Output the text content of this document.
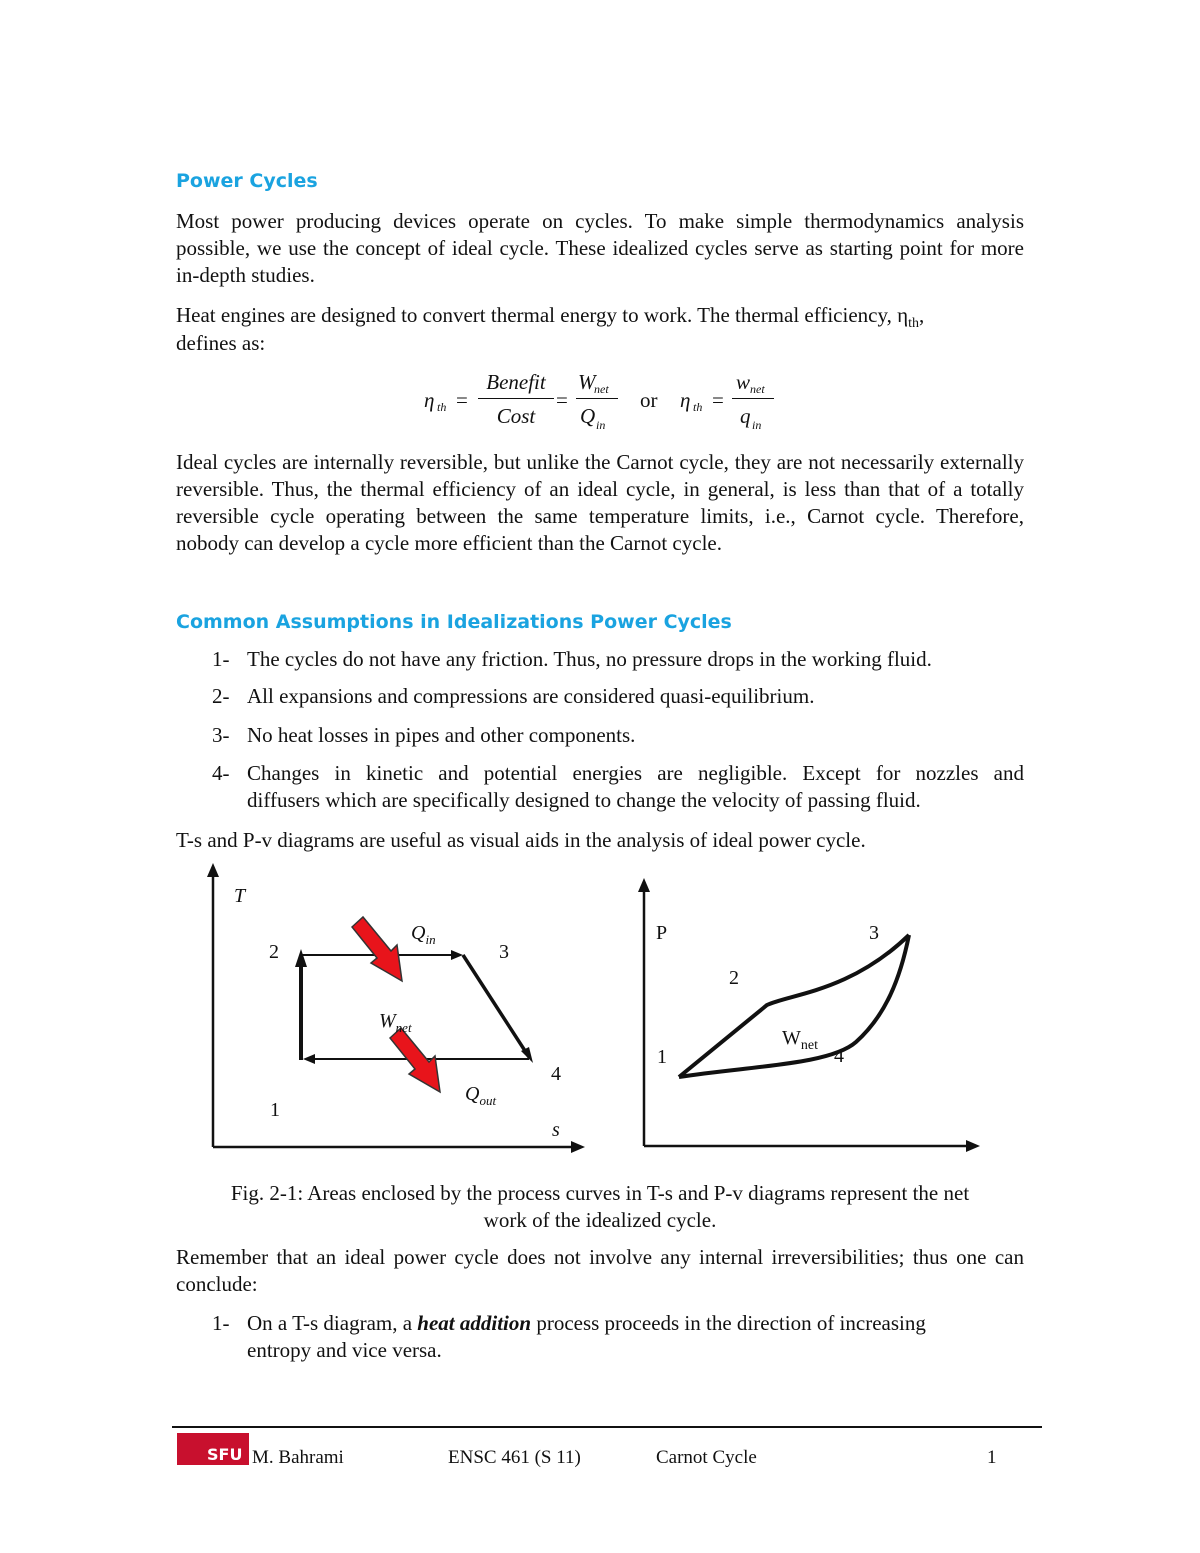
Power Cycles
Most power producing devices operate on cycles. To make simple thermodynamics analysis possible, we use the concept of ideal cycle. These idealized cycles serve as starting point for more in-depth studies.
Heat engines are designed to convert thermal energy to work. The thermal efficiency, $\eta_{th}$,
defines as:
η th =
Benefit
Cost
=
W
net
Q in
or η th =
w net
q in
Ideal cycles are internally reversible, but unlike the Carnot cycle, they are not necessarily externally reversible. Thus, the thermal efficiency of an ideal cycle, in general, is less than that of a totally reversible cycle operating between the same temperature limits, i.e., Carnot cycle. Therefore, nobody can develop a cycle more efficient than the Carnot cycle.
Common Assumptions in Idealizations Power Cycles
1- The cycles do not have any friction. Thus, no pressure drops in the working fluid.
2- All expansions and compressions are considered quasi-equilibrium.
3- No heat losses in pipes and other components.
4- Changes in kinetic and potential energies are negligible. Except for nozzles and
diffusers which are specifically designed to change the velocity of passing fluid.
T-s and P-v diagrams are useful as visual aids in the analysis of ideal power cycle.
T
s
2	3
4
1
$Q_{in}$
$W_{net}$
$Q_{out}$
P	3
2
1	4
$W_{net}$
Fig. 2-1: Areas enclosed by the process curves in T-s and P-v diagrams represent the net
work of the idealized cycle.
Remember that an ideal power cycle does not involve any internal irreversibilities; thus one can conclude:
1- On a T-s diagram, a heat addition process proceeds in the direction of increasing
entropy and vice versa.
SFU M. Bahrami	ENSC 461 (S 11)	Carnot Cycle	1
